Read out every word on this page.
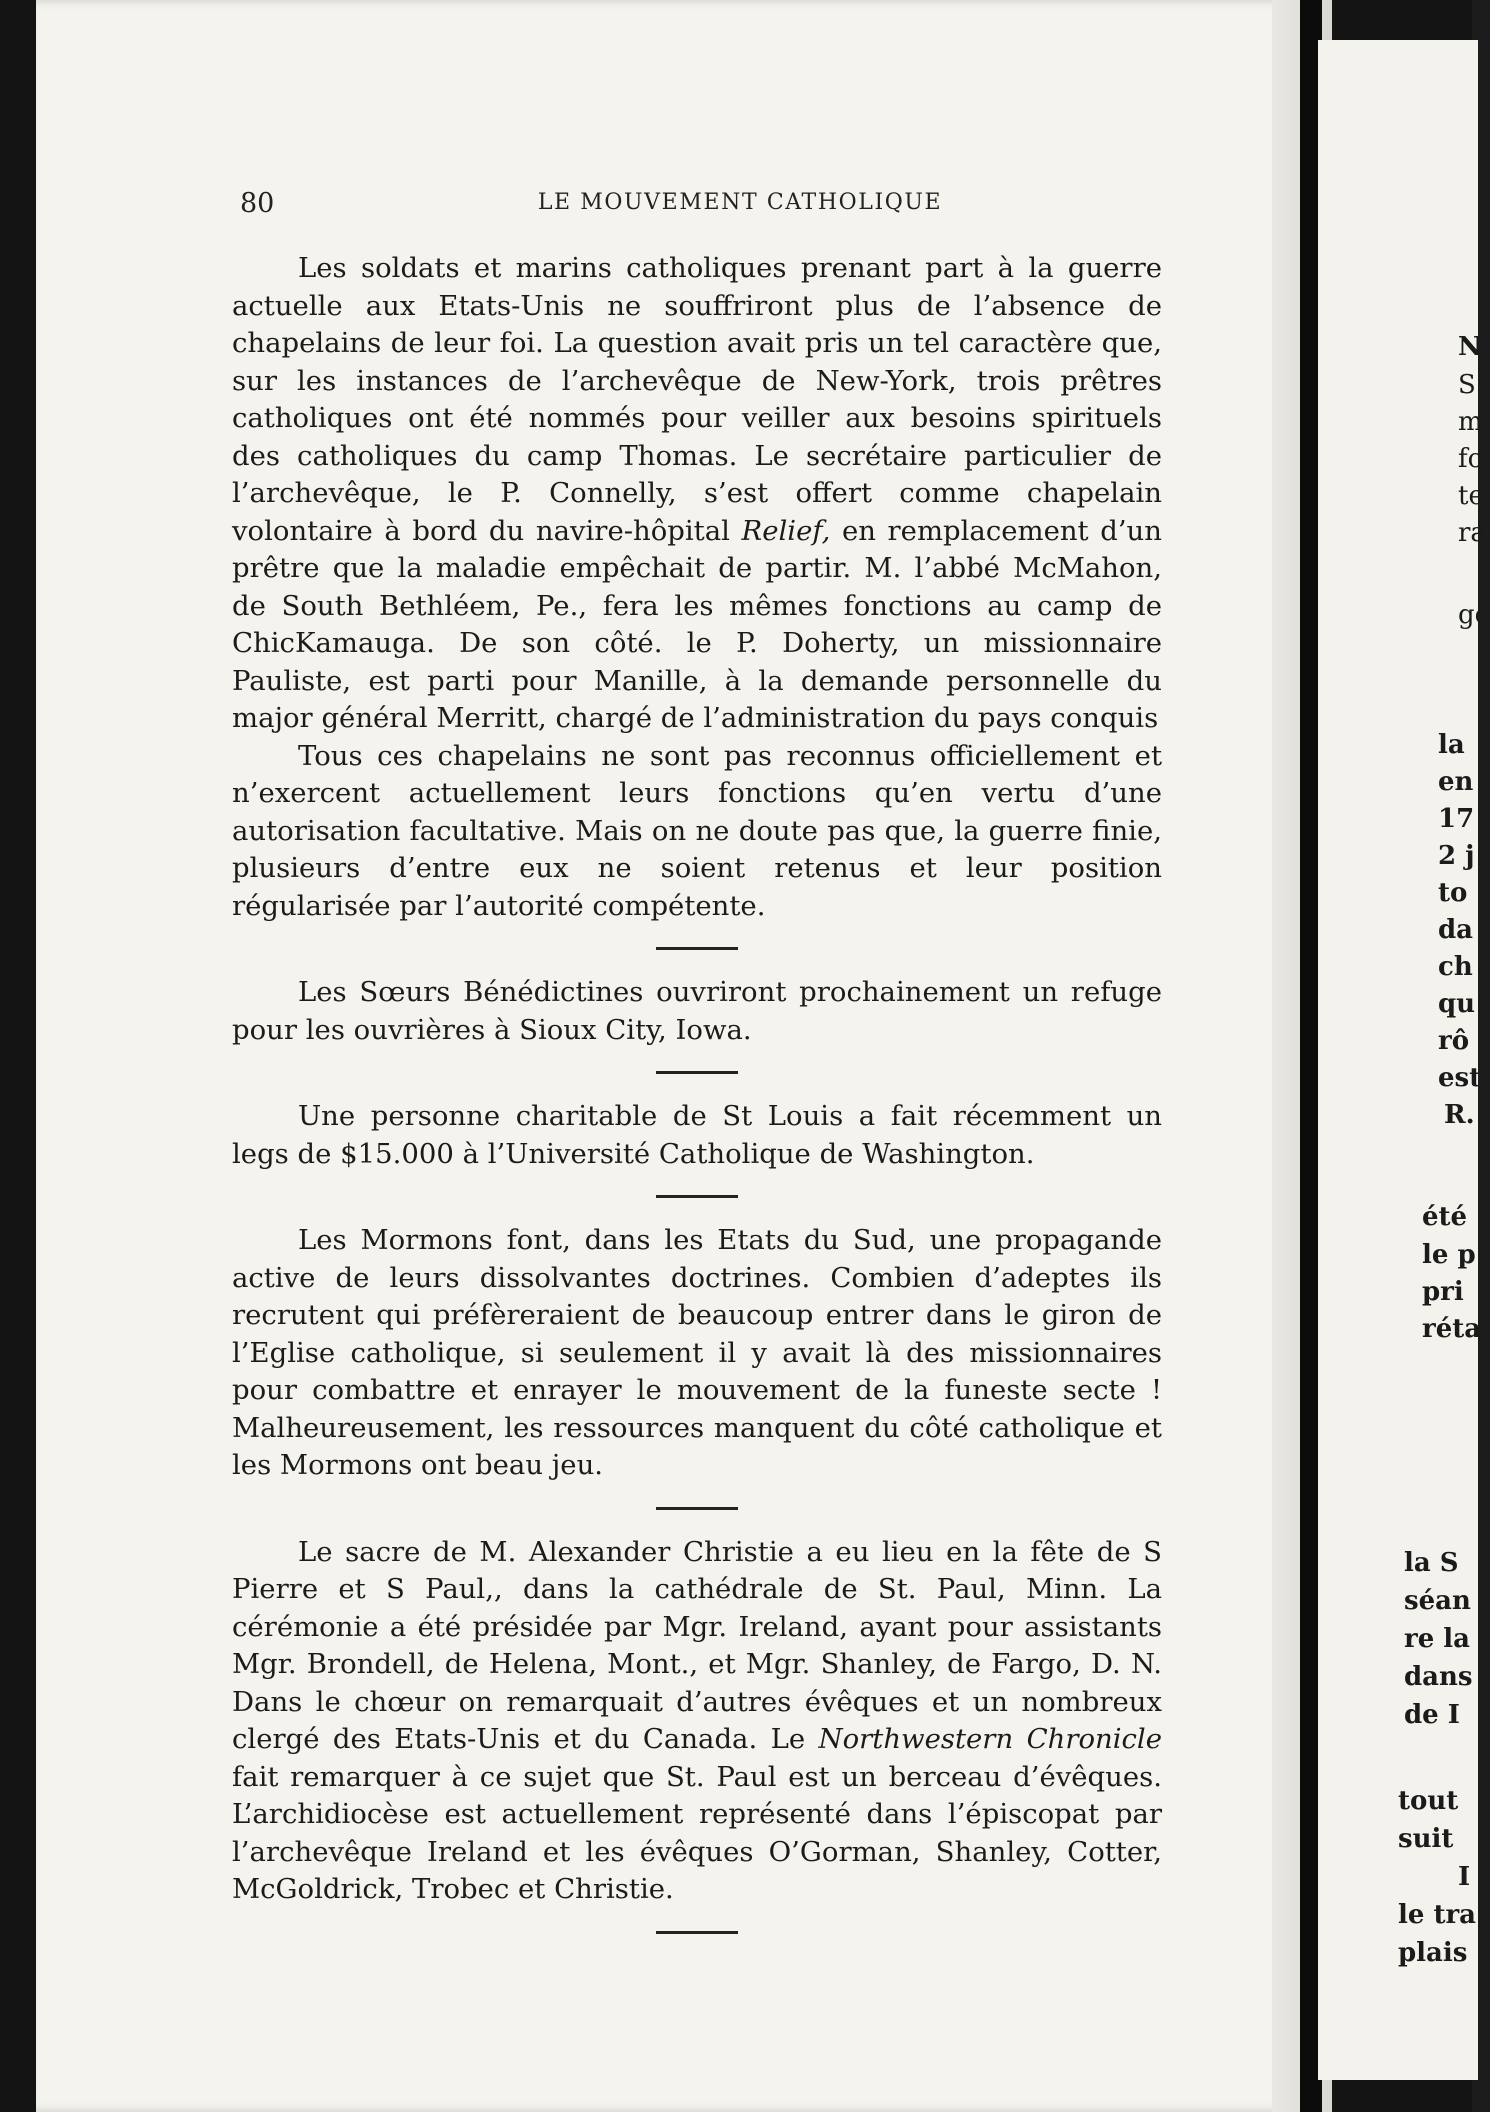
N
S
m
fo
te
ra
ge
la
en
17
2 j
to
da
ch
qu
rô
est
R.
été
le p
pri
réta
la S
séan
re la
dans
de I
tout
suit
I
le tra
plais
80	LE MOUVEMENT CATHOLIQUE

Les soldats et marins catholiques prenant part à la guerre actuelle aux Etats-Unis ne souffriront plus de l’absence de chapelains de leur foi. La question avait pris un tel caractère que, sur les instances de l’archevêque de New-York, trois prêtres catholiques ont été nommés pour veiller aux besoins spirituels des catholiques du camp Thomas. Le secrétaire particulier de l’archevêque, le P. Connelly, s’est offert comme chapelain volontaire à bord du navire-hôpital Relief, en remplacement d’un prêtre que la maladie empêchait de partir. M. l’abbé McMahon, de South Bethléem, Pe., fera les mêmes fonctions au camp de ChicKamauga. De son côté. le P. Doherty, un missionnaire Pauliste, est parti pour Manille, à la demande personnelle du major général Merritt, chargé de l’administration du pays conquis

Tous ces chapelains ne sont pas reconnus officiellement et n’exercent actuellement leurs fonctions qu’en vertu d’une autorisation facultative. Mais on ne doute pas que, la guerre finie, plusieurs d’entre eux ne soient retenus et leur position régularisée par l’autorité compétente.

Les Sœurs Bénédictines ouvriront prochainement un refuge pour les ouvrières à Sioux City, Iowa.

Une personne charitable de St Louis a fait récemment un legs de $15.000 à l’Université Catholique de Washington.

Les Mormons font, dans les Etats du Sud, une propagande active de leurs dissolvantes doctrines. Combien d’adeptes ils recrutent qui préfèreraient de beaucoup entrer dans le giron de l’Eglise catholique, si seulement il y avait là des missionnaires pour combattre et enrayer le mouvement de la funeste secte ! Malheureusement, les ressources manquent du côté catholique et les Mormons ont beau jeu.

Le sacre de M. Alexander Christie a eu lieu en la fête de S Pierre et S Paul,, dans la cathédrale de St. Paul, Minn. La cérémonie a été présidée par Mgr. Ireland, ayant pour assistants Mgr. Brondell, de Helena, Mont., et Mgr. Shanley, de Fargo, D. N. Dans le chœur on remarquait d’autres évêques et un nombreux clergé des Etats-Unis et du Canada. Le Northwestern Chronicle fait remarquer à ce sujet que St. Paul est un berceau d’évêques. L’archidiocèse est actuellement représenté dans l’épiscopat par l’archevêque Ireland et les évêques O’Gorman, Shanley, Cotter, McGoldrick, Trobec et Christie.
